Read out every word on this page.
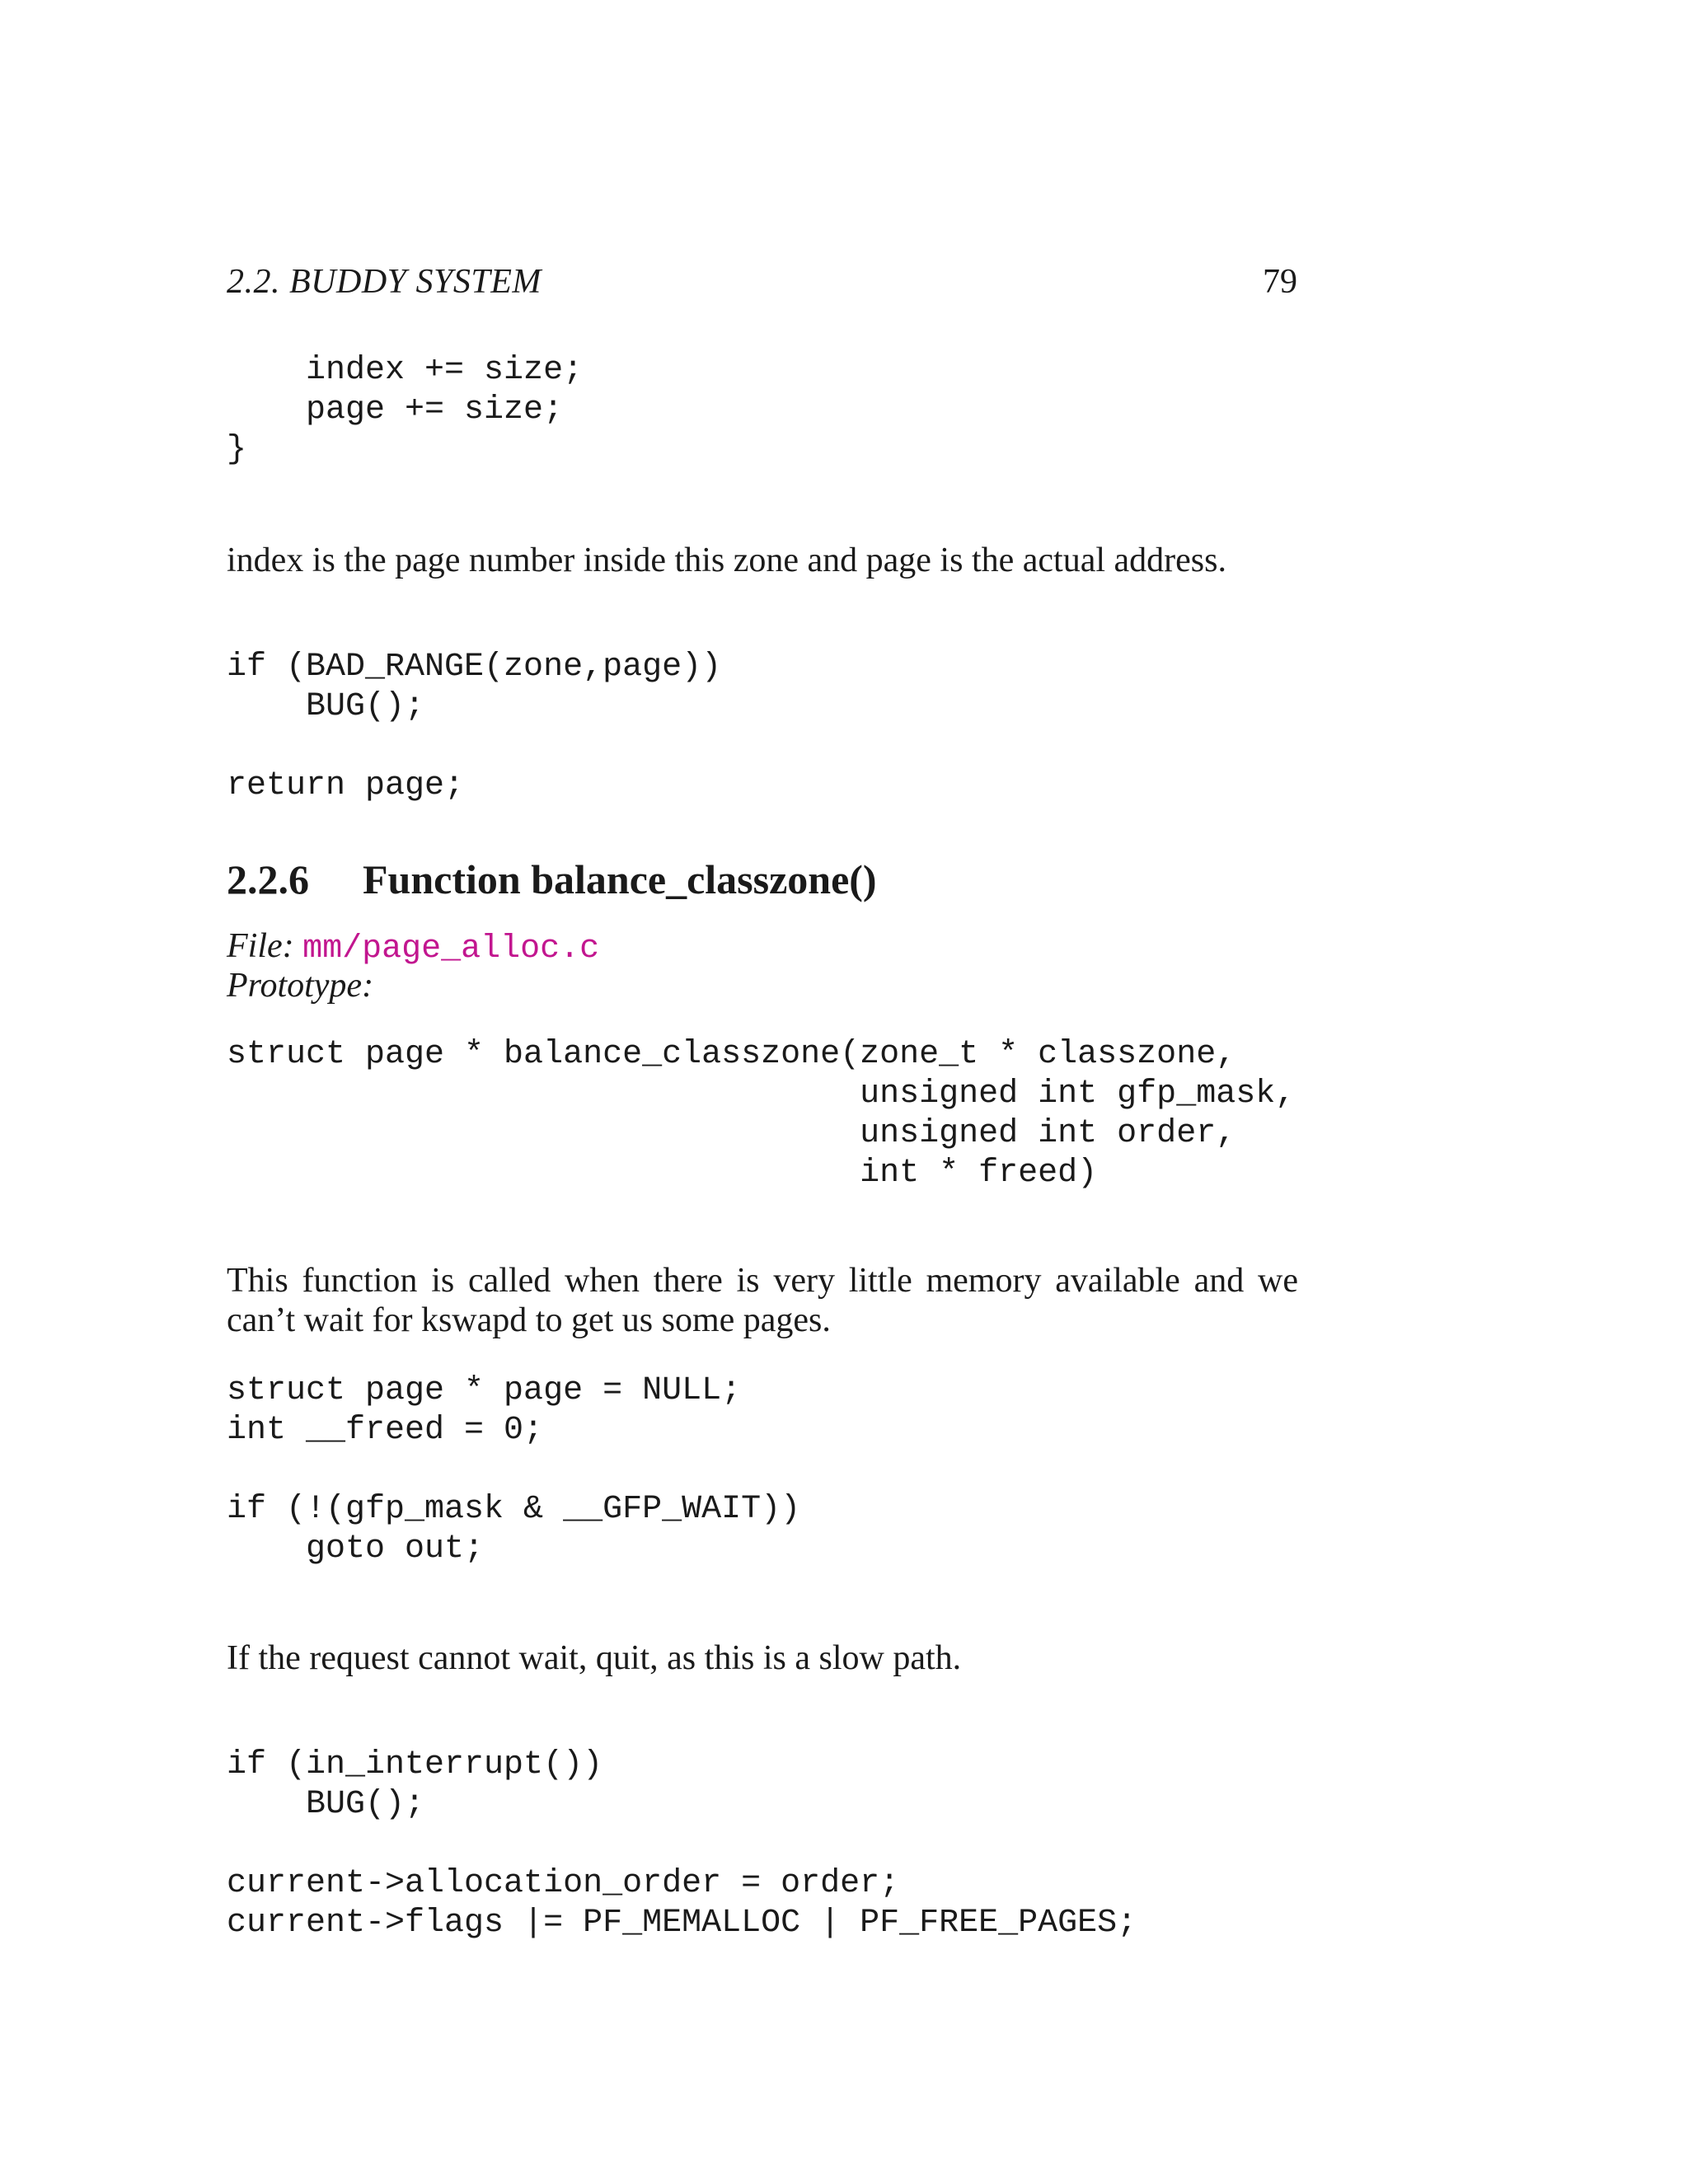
2.2. BUDDY SYSTEM	79
index += size;
page += size;
}

index is the page number inside this zone and page is the actual address.

if (BAD_RANGE(zone,page))
BUG();

return page;
2.2.6 Function balance_classzone()
File: mm/page_alloc.c
Prototype:
struct page * balance_classzone(zone_t * classzone,
unsigned int gfp_mask,
unsigned int order,
int * freed)

This function is called when there is very little memory available and we can’t wait for kswapd to get us some pages.

struct page * page = NULL;
int __freed = 0;

if (!(gfp_mask & __GFP_WAIT))
goto out;

If the request cannot wait, quit, as this is a slow path.

if (in_interrupt())
BUG();

current->allocation_order = order;
current->flags |= PF_MEMALLOC | PF_FREE_PAGES;
